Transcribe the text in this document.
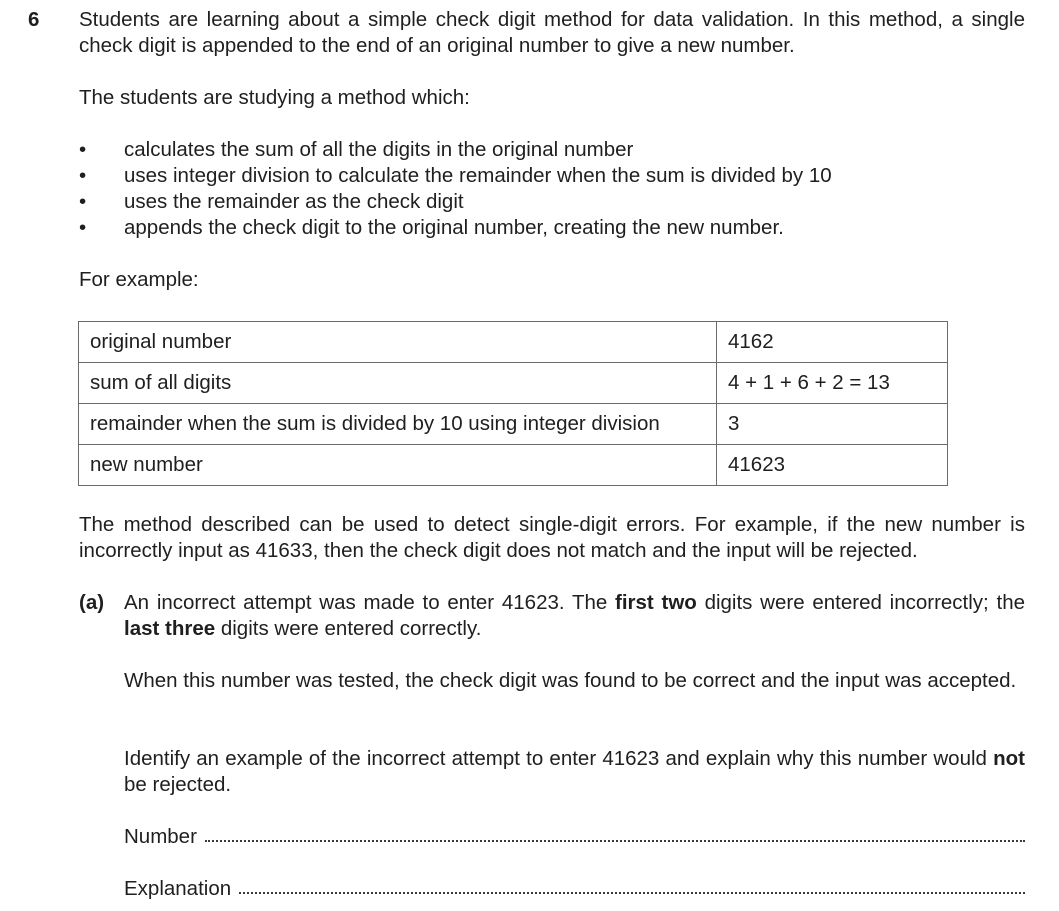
6 Students are learning about a simple check digit method for data validation. In this method, a single check digit is appended to the end of an original number to give a new number.
The students are studying a method which:
• calculates the sum of all the digits in the original number
• uses integer division to calculate the remainder when the sum is divided by 10
• uses the remainder as the check digit
• appends the check digit to the original number, creating the new number.
For example:
original number	4162
sum of all digits	4 + 1 + 6 + 2 = 13
remainder when the sum is divided by 10 using integer division	3
new number	41623
The method described can be used to detect single-digit errors. For example, if the new number is incorrectly input as 41633, then the check digit does not match and the input will be rejected.
(a) An incorrect attempt was made to enter 41623. The first two digits were entered incorrectly; the last three digits were entered correctly.
When this number was tested, the check digit was found to be correct and the input was accepted.
Identify an example of the incorrect attempt to enter 41623 and explain why this number would not be rejected.
Number
Explanation
